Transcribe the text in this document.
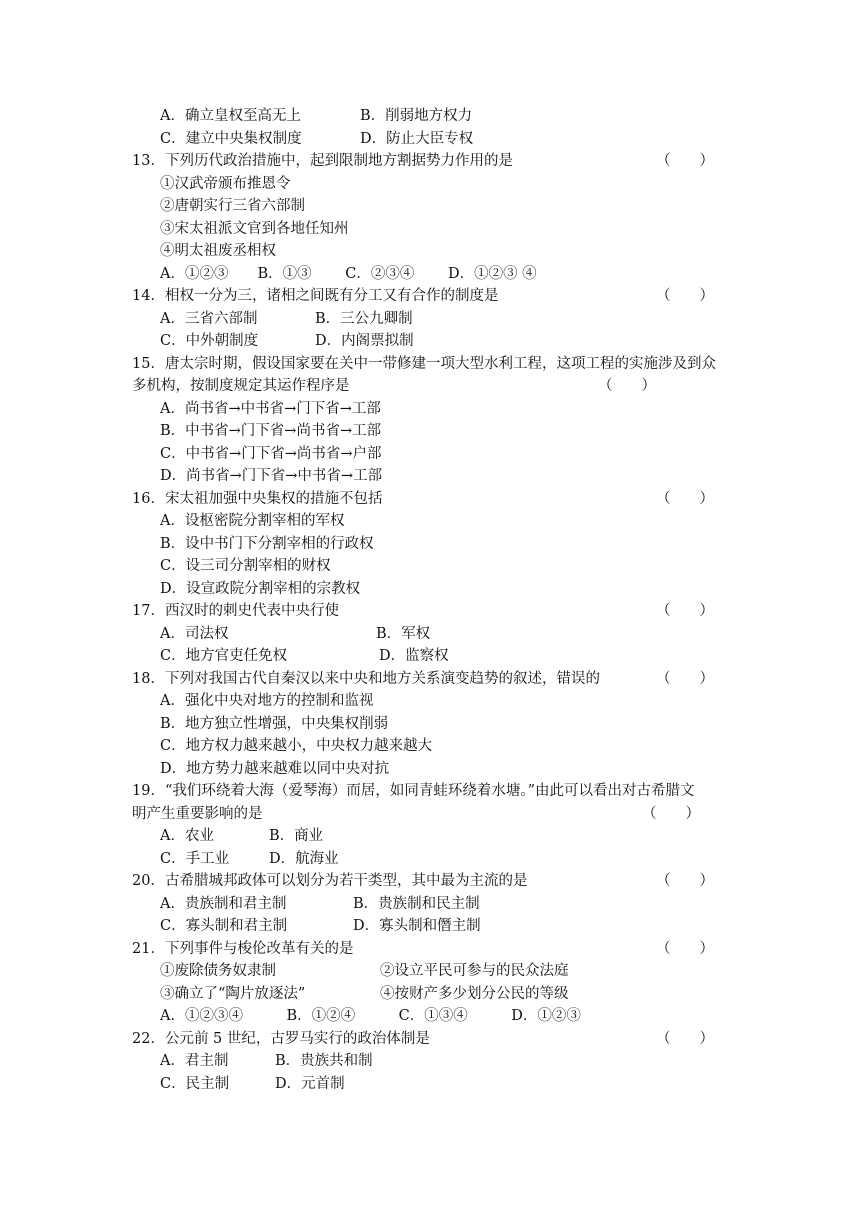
A．确立皇权至高无上	B．削弱地方权力
C．建立中央集权制度	D．防止大臣专权
13．下列历代政治措施中，起到限制地方割据势力作用的是	（　　）
①汉武帝颁布推恩令
②唐朝实行三省六部制
③宋太祖派文官到各地任知州
④明太祖废丞相权
A．①②③　　B．①③　　 C．②③④　　 D．①②③ ④
14．相权一分为三，诸相之间既有分工又有合作的制度是	（　　）
A．三省六部制	B．三公九卿制
C．中外朝制度	D．内阁票拟制
15．唐太宗时期，假设国家要在关中一带修建一项大型水利工程，这项工程的实施涉及到众
多机构，按制度规定其运作程序是	（　　）
A．尚书省→中书省→门下省→工部
B．中书省→门下省→尚书省→工部
C．中书省→门下省→尚书省→户部
D．尚书省→门下省→中书省→工部
16．宋太祖加强中央集权的措施不包括	（　　）
A．设枢密院分割宰相的军权
B．设中书门下分割宰相的行政权
C．设三司分割宰相的财权
D．设宣政院分割宰相的宗教权
17．西汉时的刺史代表中央行使	（　　）
A．司法权	B．军权
C．地方官吏任免权	D．监察权
18．下列对我国古代自秦汉以来中央和地方关系演变趋势的叙述，错误的	（　　）
A．强化中央对地方的控制和监视
B．地方独立性增强，中央集权削弱
C．地方权力越来越小，中央权力越来越大
D．地方势力越来越难以同中央对抗
19．“我们环绕着大海（爱琴海）而居，如同青蛙环绕着水塘。”由此可以看出对古希腊文
明产生重要影响的是	（　　）
A．农业	B．商业
C．手工业	D．航海业
20．古希腊城邦政体可以划分为若干类型，其中最为主流的是	（　　）
A．贵族制和君主制	B．贵族制和民主制
C．寡头制和君主制	D．寡头制和僭主制
21．下列事件与梭伦改革有关的是	（　　）
①废除债务奴隶制	②设立平民可参与的民众法庭
③确立了“陶片放逐法”	④按财产多少划分公民的等级
A．①②③④　　　B．①②④　　　C．①③④　　　D．①②③
22．公元前 5 世纪，古罗马实行的政治体制是	（　　）
A．君主制	B．贵族共和制
C．民主制	D．元首制
